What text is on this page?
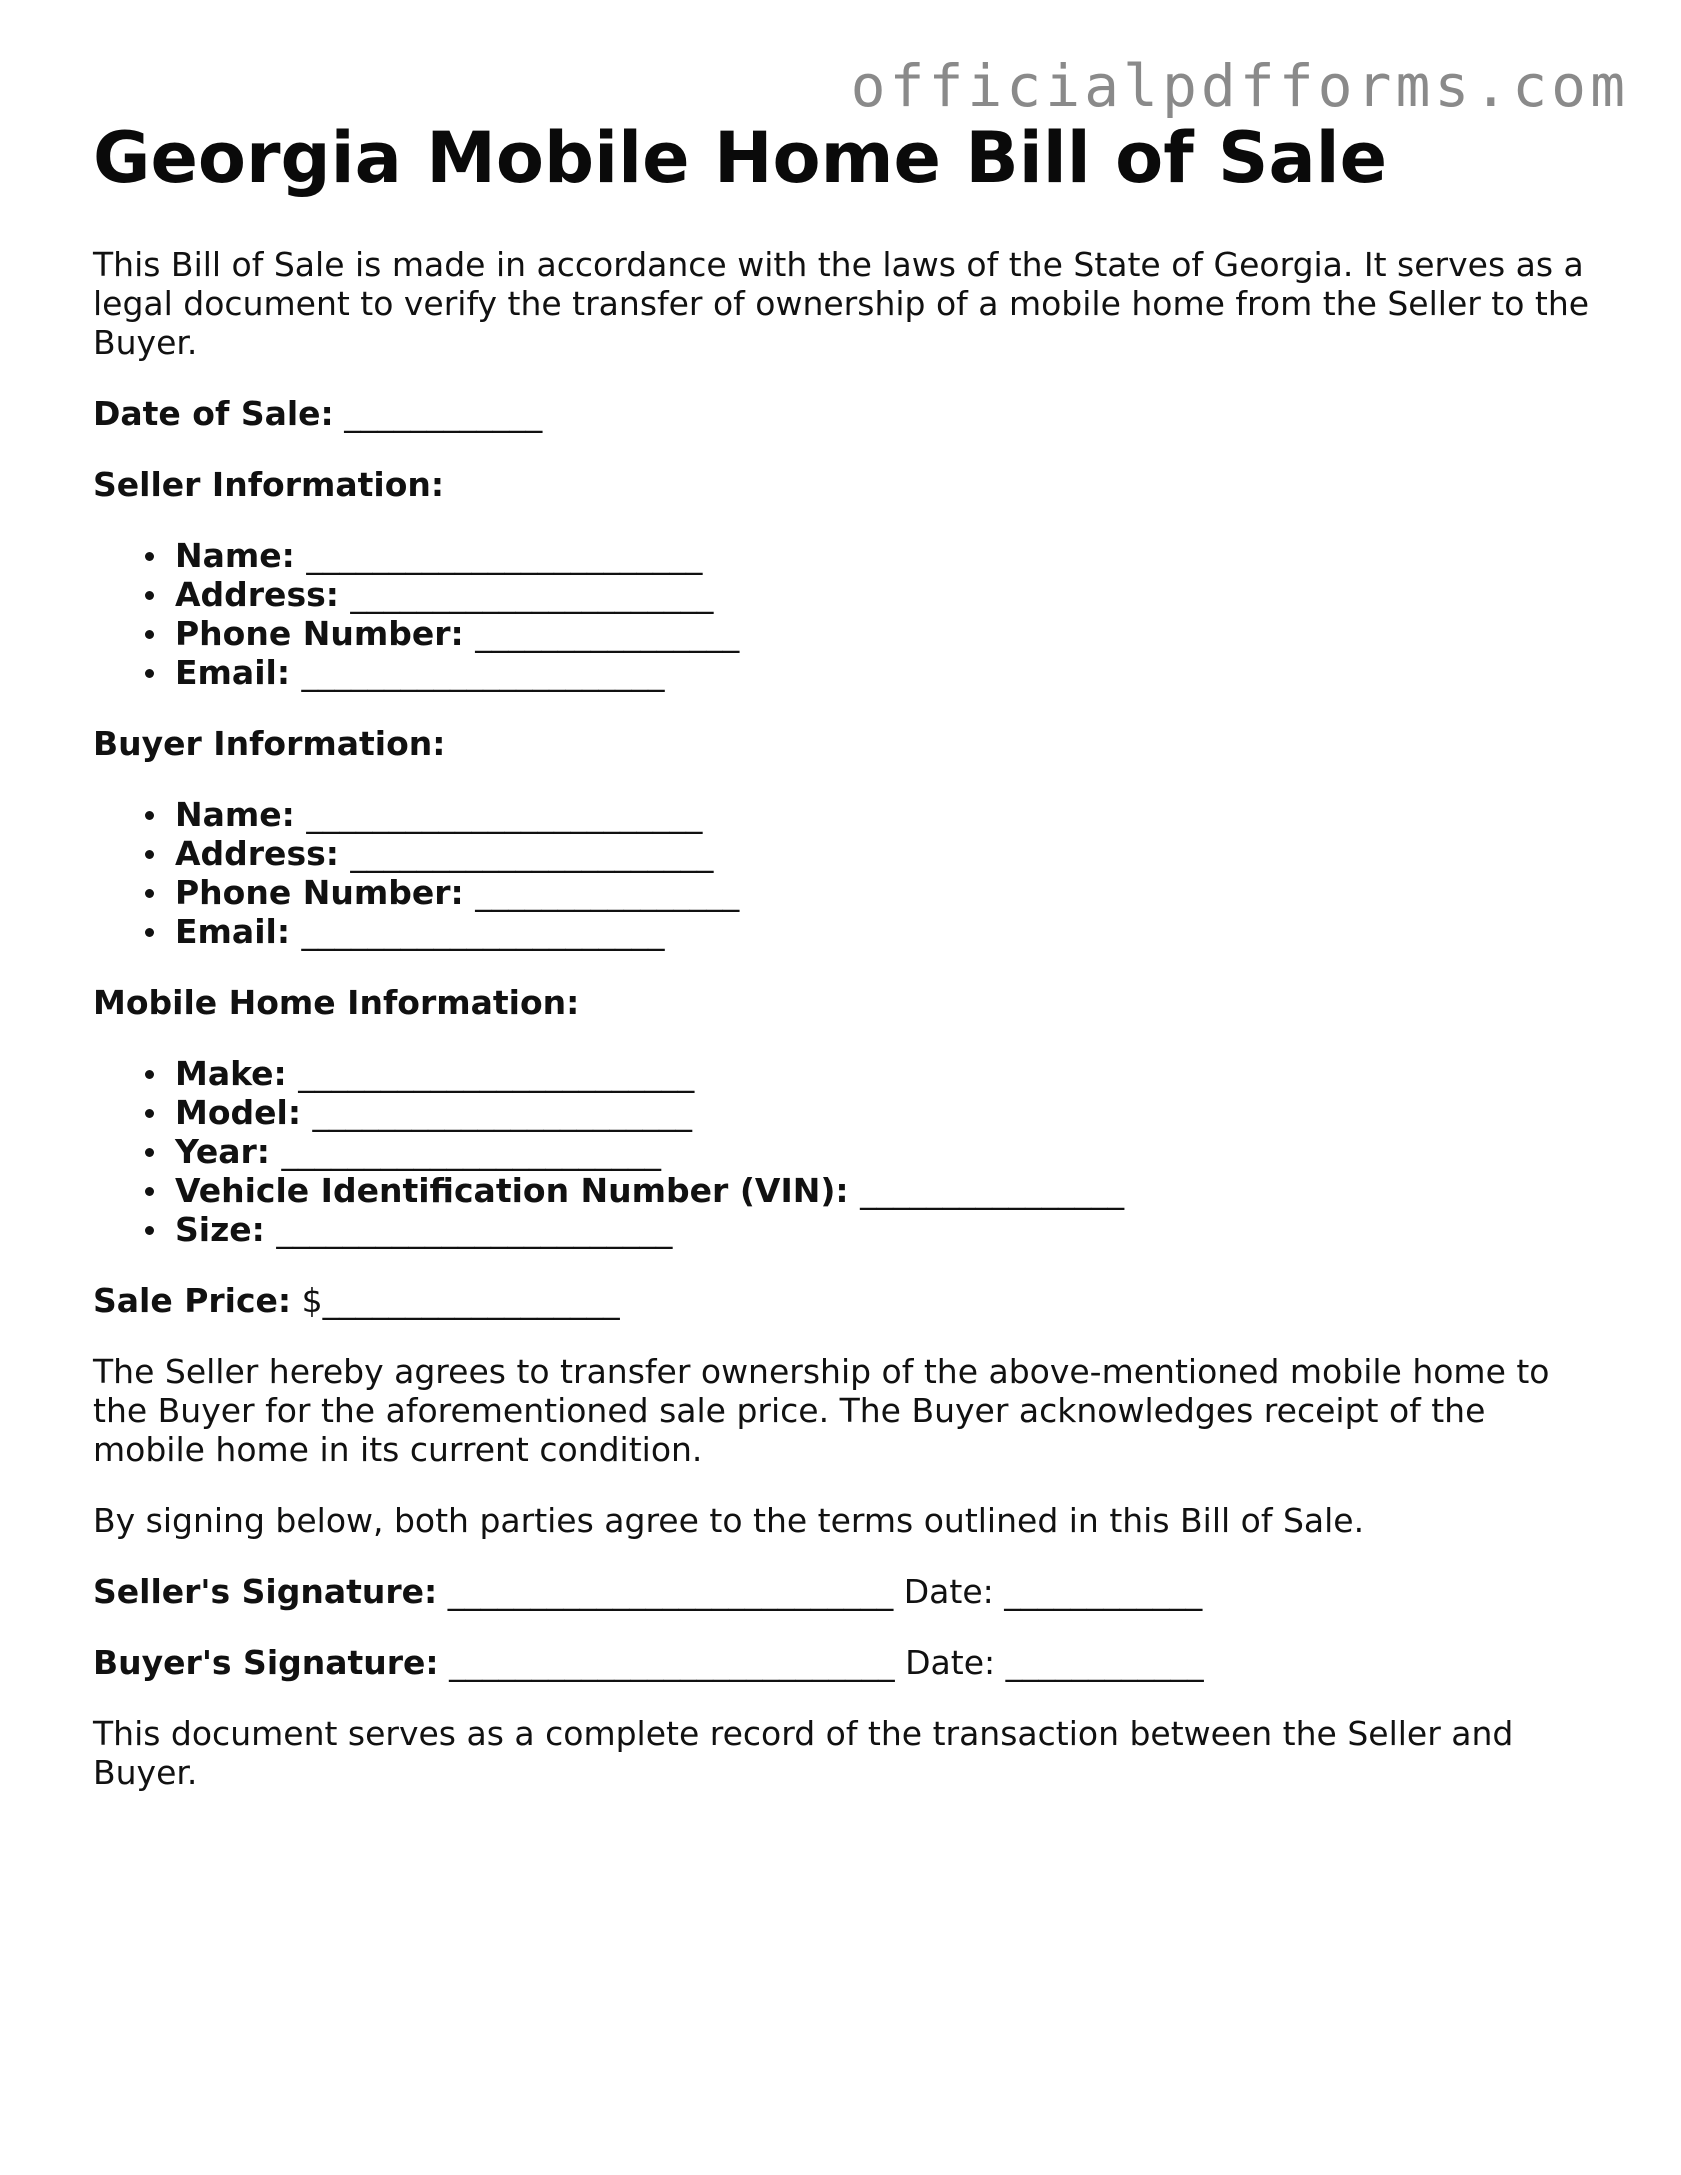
officialpdfforms.com
Georgia Mobile Home Bill of Sale

This Bill of Sale is made in accordance with the laws of the State of Georgia. It serves as a legal document to verify the transfer of ownership of a mobile home from the Seller to the Buyer.

Date of Sale: ____________

Seller Information:

Name: ________________________
Address: ______________________
Phone Number: ________________
Email: ______________________

Buyer Information:

Name: ________________________
Address: ______________________
Phone Number: ________________
Email: ______________________

Mobile Home Information:

Make: ________________________
Model: _______________________
Year: _______________________
Vehicle Identification Number (VIN): ________________
Size: ________________________

Sale Price: $__________________

The Seller hereby agrees to transfer ownership of the above-mentioned mobile home to the Buyer for the aforementioned sale price. The Buyer acknowledges receipt of the mobile home in its current condition.

By signing below, both parties agree to the terms outlined in this Bill of Sale.

Seller's Signature: ___________________________ Date: ____________

Buyer's Signature: ___________________________ Date: ____________

This document serves as a complete record of the transaction between the Seller and Buyer.
